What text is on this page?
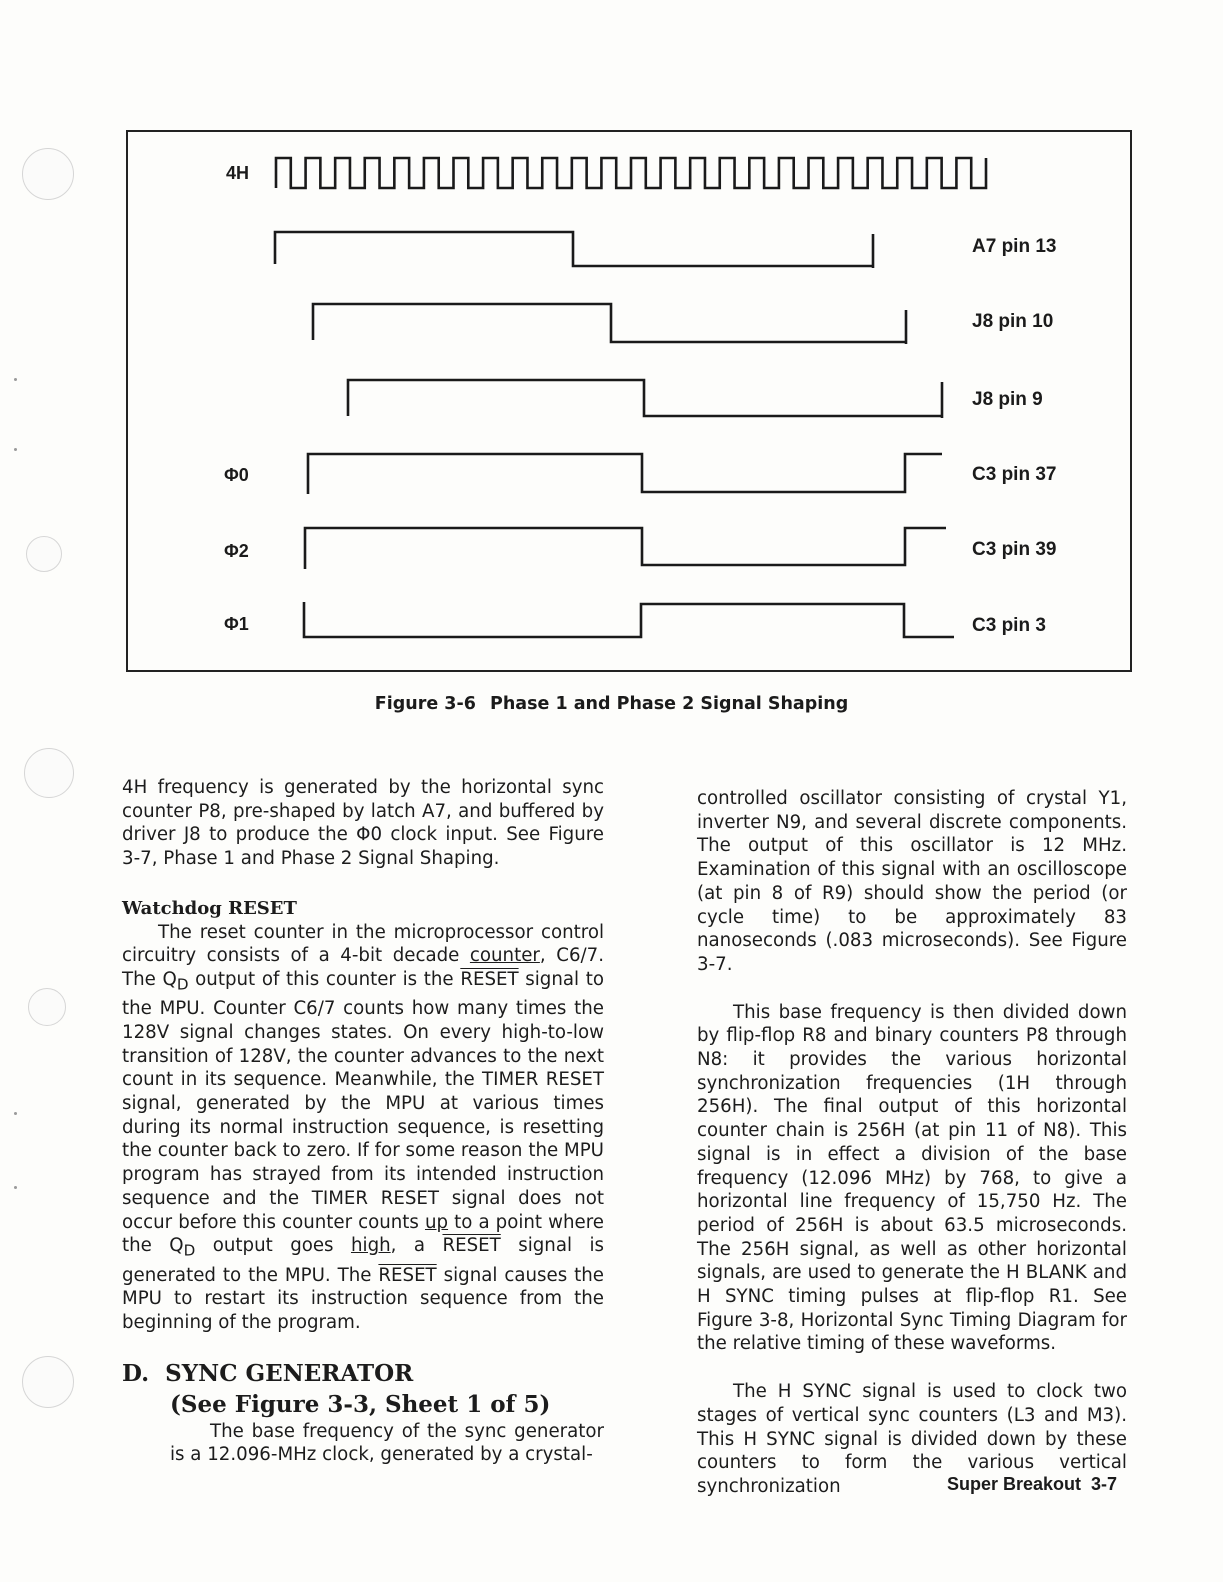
4H
Φ0
Φ2
Φ1
A7 pin 13
J8 pin 10
J8 pin 9
C3 pin 37
C3 pin 39
C3 pin 3
Figure 3-6 Phase 1 and Phase 2 Signal Shaping

4H frequency is generated by the horizontal sync counter P8, pre-shaped by latch A7, and buffered by driver J8 to produce the Φ0 clock input. See Figure 3-7, Phase 1 and Phase 2 Signal Shaping.

Watchdog RESET

The reset counter in the microprocessor control circuitry consists of a 4-bit decade counter, C6/7. The $Q_D$ output of this counter is the RESET signal to the MPU. Counter C6/7 counts how many times the 128V signal changes states. On every high-to-low transition of 128V, the counter advances to the next count in its sequence. Meanwhile, the TIMER RESET signal, generated by the MPU at various times during its normal instruction sequence, is resetting the counter back to zero. If for some reason the MPU program has strayed from its intended instruction sequence and the TIMER RESET signal does not occur before this counter counts up to a point where the $Q_D$ output goes high, a RESET signal is generated to the MPU. The RESET signal causes the MPU to restart its instruction sequence from the beginning of the program.

D. SYNC GENERATOR
(See Figure 3-3, Sheet 1 of 5)

The base frequency of the sync generator is a 12.096-MHz clock, generated by a crystal-

controlled oscillator consisting of crystal Y1, inverter N9, and several discrete components. The output of this oscillator is 12 MHz. Examination of this signal with an oscilloscope (at pin 8 of R9) should show the period (or cycle time) to be approximately 83 nanoseconds (.083 microseconds). See Figure 3-7.

This base frequency is then divided down by flip-flop R8 and binary counters P8 through N8: it provides the various horizontal synchronization frequencies (1H through 256H). The final output of this horizontal counter chain is 256H (at pin 11 of N8). This signal is in effect a division of the base frequency (12.096 MHz) by 768, to give a horizontal line frequency of 15,750 Hz. The period of 256H is about 63.5 microseconds. The 256H signal, as well as other horizontal signals, are used to generate the H BLANK and H SYNC timing pulses at flip-flop R1. See Figure 3-8, Horizontal Sync Timing Diagram for the relative timing of these waveforms.

The H SYNC signal is used to clock two stages of vertical sync counters (L3 and M3). This H SYNC signal is divided down by these counters to form the various vertical synchronization	Super Breakout 3-7
